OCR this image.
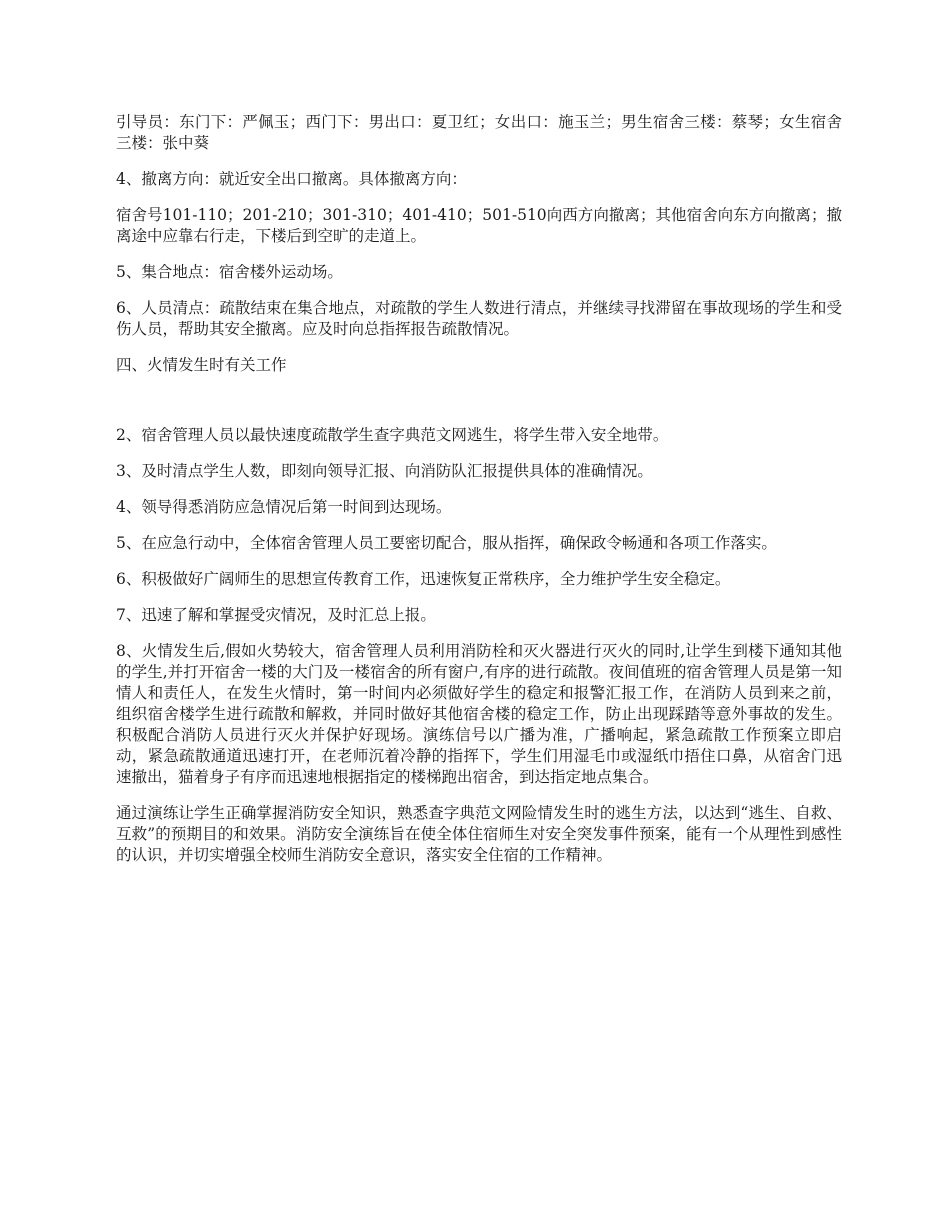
引导员：东门下：严佩玉；西门下：男出口：夏卫红；女出口：施玉兰；男生宿舍三楼：蔡琴；女生宿舍三楼：张中葵

4、撤离方向：就近安全出口撤离。具体撤离方向：

宿舍号101-110；201-210；301-310；401-410；501-510向西方向撤离；其他宿舍向东方向撤离；撤离途中应靠右行走，下楼后到空旷的走道上。

5、集合地点：宿舍楼外运动场。

6、人员清点：疏散结束在集合地点，对疏散的学生人数进行清点，并继续寻找滞留在事故现场的学生和受伤人员，帮助其安全撤离。应及时向总指挥报告疏散情况。

四、火情发生时有关工作

2、宿舍管理人员以最快速度疏散学生查字典范文网逃生，将学生带入安全地带。

3、及时清点学生人数，即刻向领导汇报、向消防队汇报提供具体的准确情况。

4、领导得悉消防应急情况后第一时间到达现场。

5、在应急行动中，全体宿舍管理人员工要密切配合，服从指挥，确保政令畅通和各项工作落实。

6、积极做好广阔师生的思想宣传教育工作，迅速恢复正常秩序，全力维护学生安全稳定。

7、迅速了解和掌握受灾情况，及时汇总上报。

8、火情发生后,假如火势较大，宿舍管理人员利用消防栓和灭火器进行灭火的同时,让学生到楼下通知其他的学生,并打开宿舍一楼的大门及一楼宿舍的所有窗户,有序的进行疏散。夜间值班的宿舍管理人员是第一知情人和责任人，在发生火情时，第一时间内必须做好学生的稳定和报警汇报工作，在消防人员到来之前，组织宿舍楼学生进行疏散和解救，并同时做好其他宿舍楼的稳定工作，防止出现踩踏等意外事故的发生。积极配合消防人员进行灭火并保护好现场。演练信号以广播为准，广播响起，紧急疏散工作预案立即启动，紧急疏散通道迅速打开，在老师沉着冷静的指挥下，学生们用湿毛巾或湿纸巾捂住口鼻，从宿舍门迅速撤出，猫着身子有序而迅速地根据指定的楼梯跑出宿舍，到达指定地点集合。

通过演练让学生正确掌握消防安全知识，熟悉查字典范文网险情发生时的逃生方法，以达到“逃生、自救、互救”的预期目的和效果。消防安全演练旨在使全体住宿师生对安全突发事件预案，能有一个从理性到感性的认识，并切实增强全校师生消防安全意识，落实安全住宿的工作精神。
